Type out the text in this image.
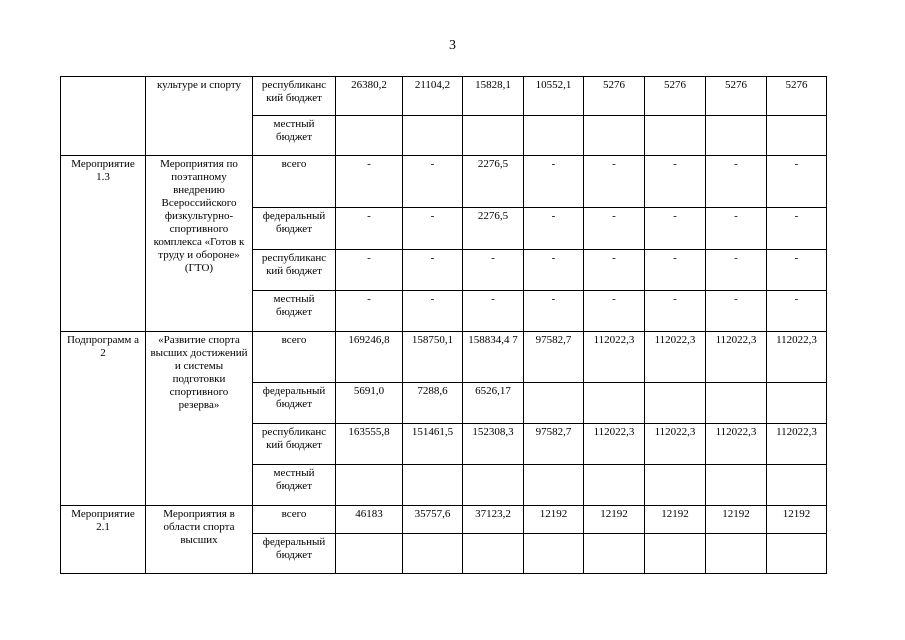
3
	культуре и спорту	республиканс кий бюджет	26380,2	21104,2	15828,1	10552,1	5276	5276	5276	5276
		местный бюджет								
Мероприятие 1.3	Мероприятия по поэтапному внедрению Всероссийского физкультурно-спортивного комплекса «Готов к труду и обороне» (ГТО)	всего	-	-	2276,5	-	-	-	-	-
		федеральный бюджет	-	-	2276,5	-	-	-	-	-
		республиканс кий бюджет	-	-	-	-	-	-	-	-
		местный бюджет	-	-	-	-	-	-	-	-
Подпрограмм а 2	«Развитие спорта высших достижений и системы подготовки спортивного резерва»	всего	169246,8	158750,1	158834,4 7	97582,7	112022,3	112022,3	112022,3	112022,3
		федеральный бюджет	5691,0	7288,6	6526,17					
		республиканс кий бюджет	163555,8	151461,5	152308,3	97582,7	112022,3	112022,3	112022,3	112022,3
		местный бюджет								
Мероприятие 2.1	Мероприятия в области спорта высших	всего	46183	35757,6	37123,2	12192	12192	12192	12192	12192
		федеральный бюджет								
